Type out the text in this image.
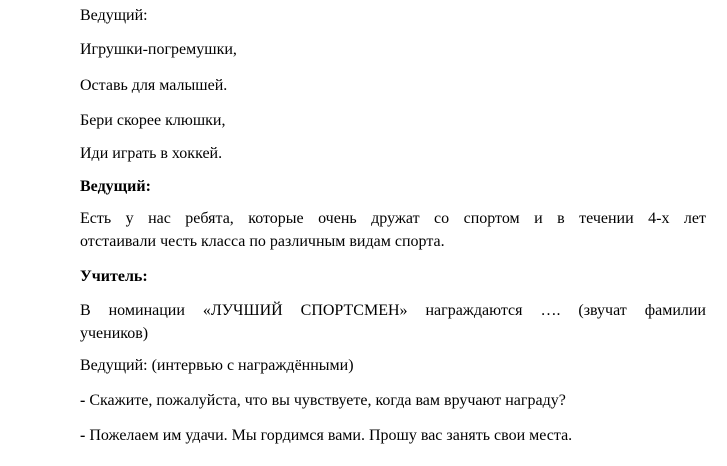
Ведущий:

Игрушки-погремушки,

Оставь для малышей.

Бери скорее клюшки,

Иди играть в хоккей.

Ведущий:

Есть у нас ребята, которые очень дружат со спортом и в течении 4-х лет
отстаивали честь класса по различным видам спорта.

Учитель:

В номинации «ЛУЧШИЙ СПОРТСМЕН» награждаются …. (звучат фамилии
учеников)

Ведущий: (интервью с награждёнными)

- Скажите, пожалуйста, что вы чувствуете, когда вам вручают награду?

- Пожелаем им удачи. Мы гордимся вами. Прошу вас занять свои места.
